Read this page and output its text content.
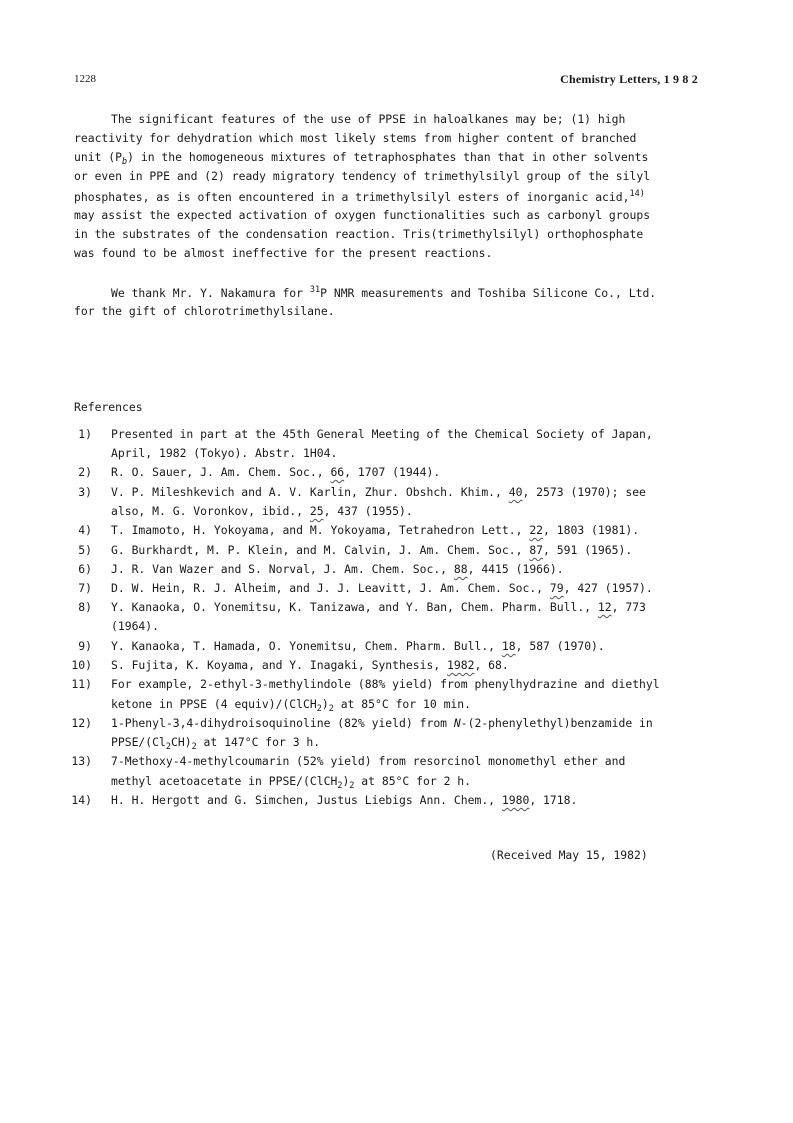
1228	Chemistry Letters, 1 9 8 2
The significant features of the use of PPSE in haloalkanes may be; (1) high
reactivity for dehydration which most likely stems from higher content of branched
unit $(P_b)$ in the homogeneous mixtures of tetraphosphates than that in other solvents
or even in PPE and (2) ready migratory tendency of trimethylsilyl group of the silyl
phosphates, as is often encountered in a trimethylsilyl esters of inorganic acid,$^{14)}$
may assist the expected activation of oxygen functionalities such as carbonyl groups
in the substrates of the condensation reaction. Tris(trimethylsilyl) orthophosphate
was found to be almost ineffective for the present reactions.
We thank Mr. Y. Nakamura for $^{31}$P NMR measurements and Toshiba Silicone Co., Ltd.
for the gift of chlorotrimethylsilane.
References
1) Presented in part at the 45th General Meeting of the Chemical Society of Japan,
April, 1982 (Tokyo). Abstr. 1H04.
2) R. O. Sauer, J. Am. Chem. Soc., 66, 1707 (1944).
3) V. P. Mileshkevich and A. V. Karlin, Zhur. Obshch. Khim., 40, 2573 (1970); see
also, M. G. Voronkov, ibid., 25, 437 (1955).
4) T. Imamoto, H. Yokoyama, and M. Yokoyama, Tetrahedron Lett., 22, 1803 (1981).
5) G. Burkhardt, M. P. Klein, and M. Calvin, J. Am. Chem. Soc., 87, 591 (1965).
6) J. R. Van Wazer and S. Norval, J. Am. Chem. Soc., 88, 4415 (1966).
7) D. W. Hein, R. J. Alheim, and J. J. Leavitt, J. Am. Chem. Soc., 79, 427 (1957).
8) Y. Kanaoka, O. Yonemitsu, K. Tanizawa, and Y. Ban, Chem. Pharm. Bull., 12, 773
(1964).
9) Y. Kanaoka, T. Hamada, O. Yonemitsu, Chem. Pharm. Bull., 18, 587 (1970).
10) S. Fujita, K. Koyama, and Y. Inagaki, Synthesis, 1982, 68.
11) For example, 2-ethyl-3-methylindole (88% yield) from phenylhydrazine and diethyl
ketone in PPSE (4 $equiv)/(ClCH_2)_2$ at 85°C for 10 min.
12) 1-Phenyl-3,4-dihydroisoquinoline (82% yield) from N-(2-phenylethyl)benzamide in
PPSE/$(Cl_2CH)_2$ at 147°C for 3 h.
13) 7-Methoxy-4-methylcoumarin (52% yield) from resorcinol monomethyl ether and
methyl acetoacetate in PPSE/$(ClCH_2)_2$ at 85°C for 2 h.
14) H. H. Hergott and G. Simchen, Justus Liebigs Ann. Chem., 1980, 1718.
(Received May 15, 1982)
